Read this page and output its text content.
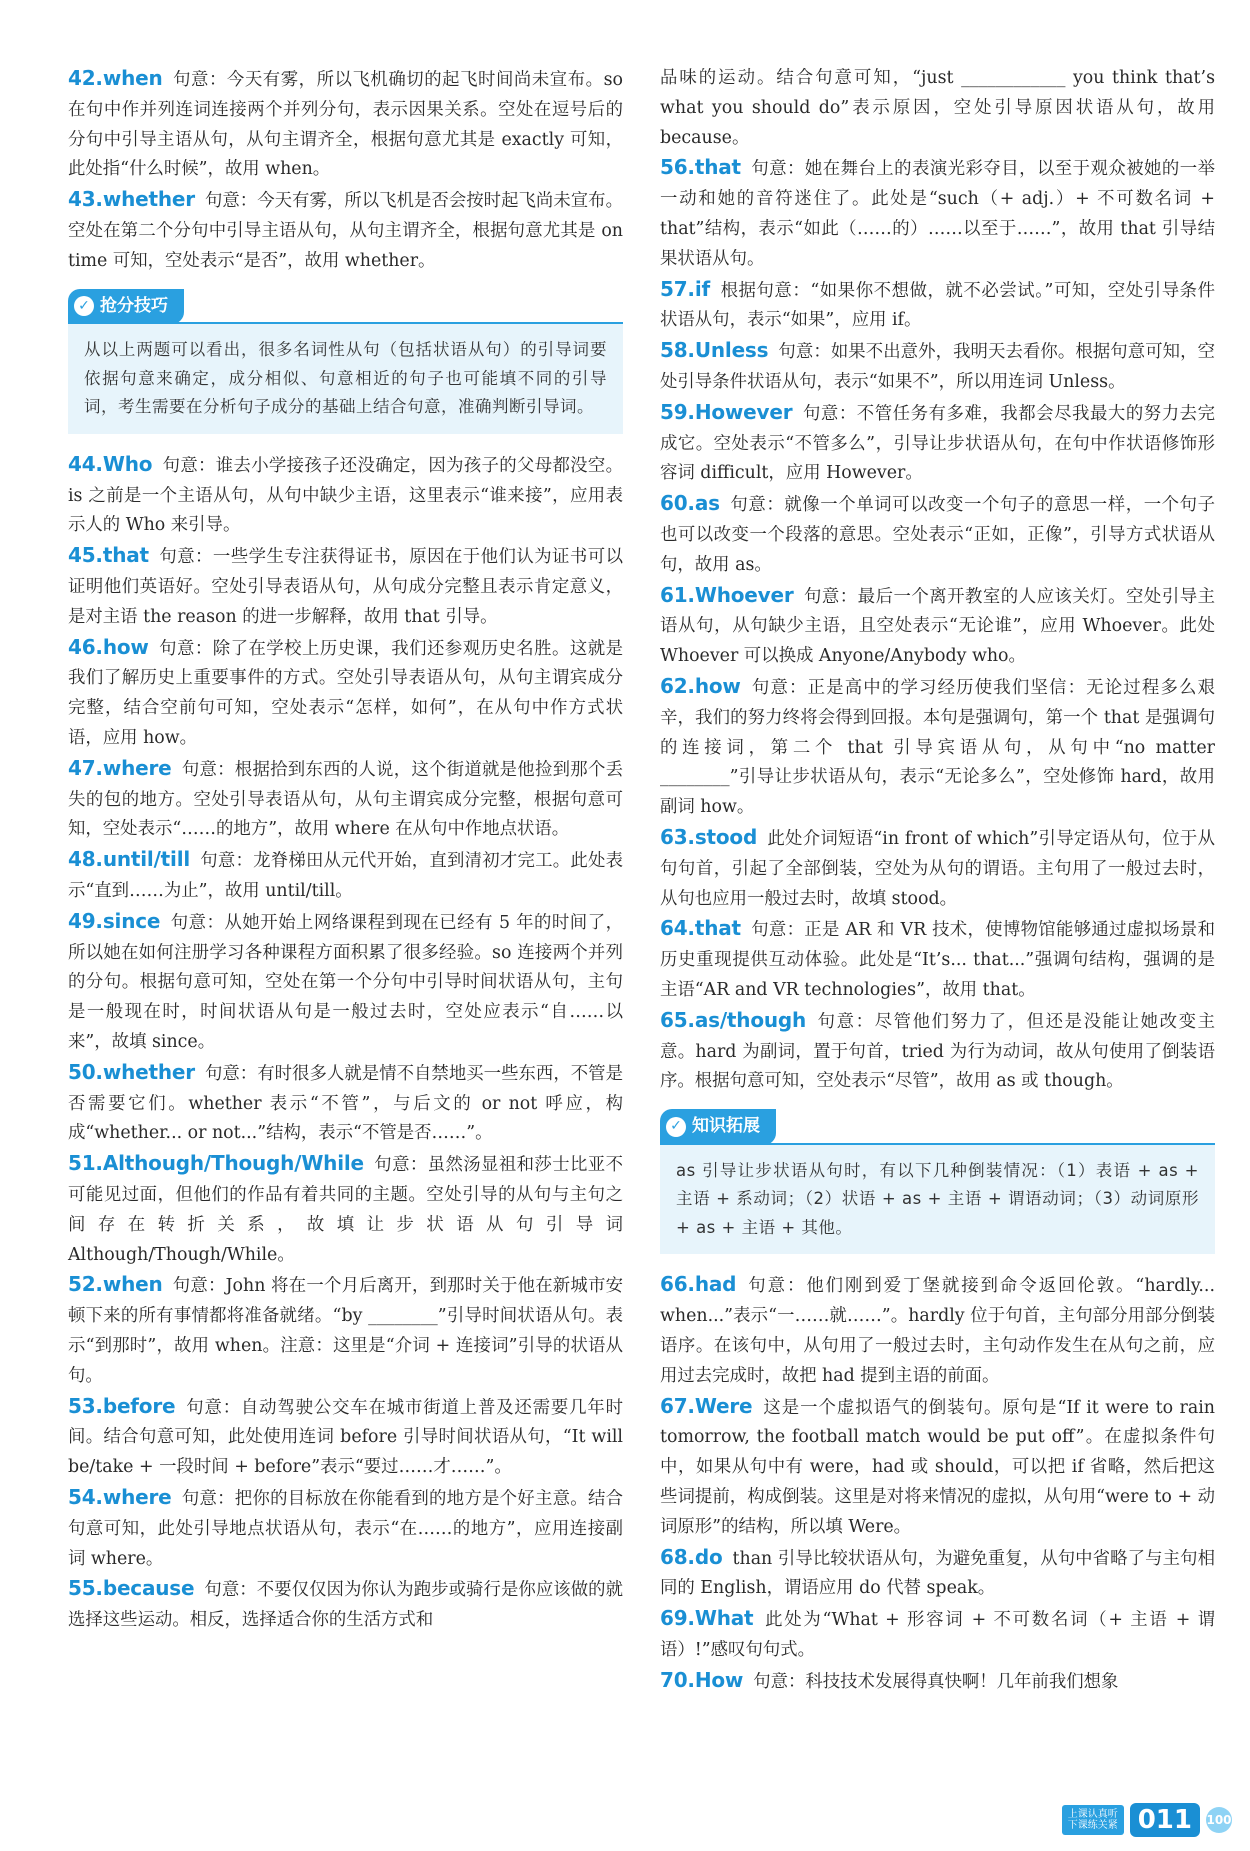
42.when 句意：今天有雾，所以飞机确切的起飞时间尚未宣布。so 在句中作并列连词连接两个并列分句，表示因果关系。空处在逗号后的分句中引导主语从句，从句主谓齐全，根据句意尤其是 exactly 可知，此处指“什么时候”，故用 when。

43.whether 句意：今天有雾，所以飞机是否会按时起飞尚未宣布。空处在第二个分句中引导主语从句，从句主谓齐全，根据句意尤其是 on time 可知，空处表示“是否”，故用 whether。

✓ 抢分技巧
从以上两题可以看出，很多名词性从句（包括状语从句）的引导词要依据句意来确定，成分相似、句意相近的句子也可能填不同的引导词，考生需要在分析句子成分的基础上结合句意，准确判断引导词。

44.Who 句意：谁去小学接孩子还没确定，因为孩子的父母都没空。is 之前是一个主语从句，从句中缺少主语，这里表示“谁来接”，应用表示人的 Who 来引导。

45.that 句意：一些学生专注获得证书，原因在于他们认为证书可以证明他们英语好。空处引导表语从句，从句成分完整且表示肯定意义，是对主语 the reason 的进一步解释，故用 that 引导。

46.how 句意：除了在学校上历史课，我们还参观历史名胜。这就是我们了解历史上重要事件的方式。空处引导表语从句，从句主谓宾成分完整，结合空前句可知，空处表示“怎样，如何”，在从句中作方式状语，应用 how。

47.where 句意：根据拾到东西的人说，这个街道就是他捡到那个丢失的包的地方。空处引导表语从句，从句主谓宾成分完整，根据句意可知，空处表示“……的地方”，故用 where 在从句中作地点状语。

48.until/till 句意：龙脊梯田从元代开始，直到清初才完工。此处表示“直到……为止”，故用 until/till。

49.since 句意：从她开始上网络课程到现在已经有 5 年的时间了，所以她在如何注册学习各种课程方面积累了很多经验。so 连接两个并列的分句。根据句意可知，空处在第一个分句中引导时间状语从句，主句是一般现在时，时间状语从句是一般过去时，空处应表示“自……以来”，故填 since。

50.whether 句意：有时很多人就是情不自禁地买一些东西，不管是否需要它们。whether 表示“不管”，与后文的 or not 呼应，构成“whether... or not...”结构，表示“不管是否……”。

51.Although/Though/While 句意：虽然汤显祖和莎士比亚不可能见过面，但他们的作品有着共同的主题。空处引导的从句与主句之间存在转折关系，故填让步状语从句引导词 Although/Though/While。

52.when 句意：John 将在一个月后离开，到那时关于他在新城市安顿下来的所有事情都将准备就绪。“by ________”引导时间状语从句。表示“到那时”，故用 when。注意：这里是“介词 + 连接词”引导的状语从句。

53.before 句意：自动驾驶公交车在城市街道上普及还需要几年时间。结合句意可知，此处使用连词 before 引导时间状语从句，“It will be/take + 一段时间 + before”表示“要过……才……”。

54.where 句意：把你的目标放在你能看到的地方是个好主意。结合句意可知，此处引导地点状语从句，表示“在……的地方”，应用连接副词 where。

55.because 句意：不要仅仅因为你认为跑步或骑行是你应该做的就选择这些运动。相反，选择适合你的生活方式和

品味的运动。结合句意可知，“just ____________ you think that’s what you should do”表示原因，空处引导原因状语从句，故用 because。

56.that 句意：她在舞台上的表演光彩夺目，以至于观众被她的一举一动和她的音符迷住了。此处是“such（+ adj.）+ 不可数名词 + that”结构，表示“如此（……的）……以至于……”，故用 that 引导结果状语从句。

57.if 根据句意：“如果你不想做，就不必尝试。”可知，空处引导条件状语从句，表示“如果”，应用 if。

58.Unless 句意：如果不出意外，我明天去看你。根据句意可知，空处引导条件状语从句，表示“如果不”，所以用连词 Unless。

59.However 句意：不管任务有多难，我都会尽我最大的努力去完成它。空处表示“不管多么”，引导让步状语从句，在句中作状语修饰形容词 difficult，应用 However。

60.as 句意：就像一个单词可以改变一个句子的意思一样，一个句子也可以改变一个段落的意思。空处表示“正如，正像”，引导方式状语从句，故用 as。

61.Whoever 句意：最后一个离开教室的人应该关灯。空处引导主语从句，从句缺少主语，且空处表示“无论谁”，应用 Whoever。此处 Whoever 可以换成 Anyone/Anybody who。

62.how 句意：正是高中的学习经历使我们坚信：无论过程多么艰辛，我们的努力终将会得到回报。本句是强调句，第一个 that 是强调句的连接词，第二个 that 引导宾语从句，从句中“no matter ________”引导让步状语从句，表示“无论多么”，空处修饰 hard，故用副词 how。

63.stood 此处介词短语“in front of which”引导定语从句，位于从句句首，引起了全部倒装，空处为从句的谓语。主句用了一般过去时，从句也应用一般过去时，故填 stood。

64.that 句意：正是 AR 和 VR 技术，使博物馆能够通过虚拟场景和历史重现提供互动体验。此处是“It’s... that...”强调句结构，强调的是主语“AR and VR technologies”，故用 that。

65.as/though 句意：尽管他们努力了，但还是没能让她改变主意。hard 为副词，置于句首，tried 为行为动词，故从句使用了倒装语序。根据句意可知，空处表示“尽管”，故用 as 或 though。

✓ 知识拓展
as 引导让步状语从句时，有以下几种倒装情况：（1）表语 + as + 主语 + 系动词；（2）状语 + as + 主语 + 谓语动词；（3）动词原形 + as + 主语 + 其他。

66.had 句意：他们刚到爱丁堡就接到命令返回伦敦。“hardly... when...”表示“一……就……”。hardly 位于句首，主句部分用部分倒装语序。在该句中，从句用了一般过去时，主句动作发生在从句之前，应用过去完成时，故把 had 提到主语的前面。

67.Were 这是一个虚拟语气的倒装句。原句是“If it were to rain tomorrow, the football match would be put off”。在虚拟条件句中，如果从句中有 were，had 或 should，可以把 if 省略，然后把这些词提前，构成倒装。这里是对将来情况的虚拟，从句用“were to + 动词原形”的结构，所以填 Were。

68.do than 引导比较状语从句，为避免重复，从句中省略了与主句相同的 English，谓语应用 do 代替 speak。

69.What 此处为“What + 形容词 + 不可数名词（+ 主语 + 谓语）!”感叹句句式。

70.How 句意：科技技术发展得真快啊！几年前我们想象

上课认真听
下课练关紧 011	100
